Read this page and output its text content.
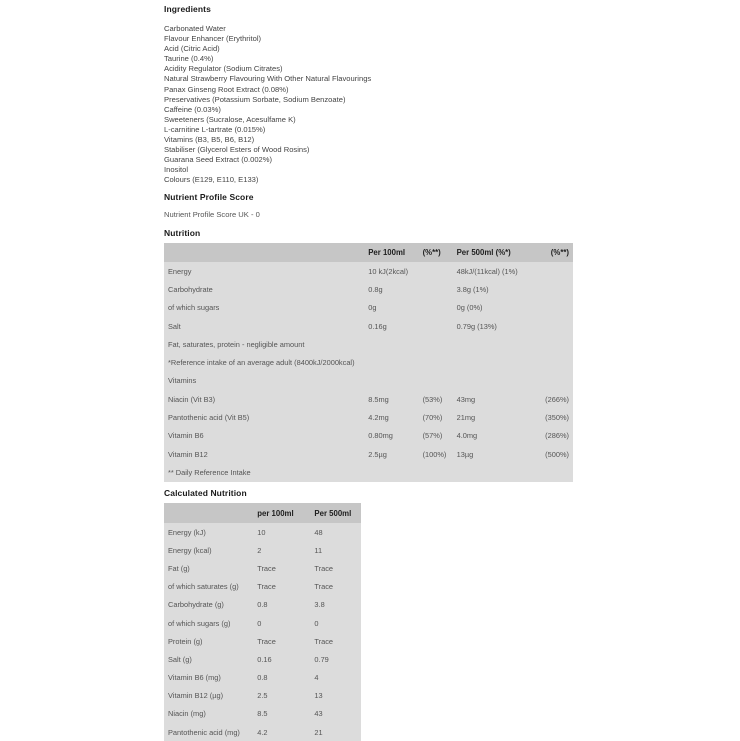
Ingredients
Carbonated Water
Flavour Enhancer (Erythritol)
Acid (Citric Acid)
Taurine (0.4%)
Acidity Regulator (Sodium Citrates)
Natural Strawberry Flavouring With Other Natural Flavourings
Panax Ginseng Root Extract (0.08%)
Preservatives (Potassium Sorbate, Sodium Benzoate)
Caffeine (0.03%)
Sweeteners (Sucralose, Acesulfame K)
L-carnitine L-tartrate (0.015%)
Vitamins (B3, B5, B6, B12)
Stabiliser (Glycerol Esters of Wood Rosins)
Guarana Seed Extract (0.002%)
Inositol
Colours (E129, E110, E133)
Nutrient Profile Score
Nutrient Profile Score UK - 0
Nutrition
	Per 100ml	(%**)	Per 500ml (%*)	(%**)
Energy	10 kJ(2kcal)		48kJ/(11kcal) (1%)	
Carbohydrate	0.8g		3.8g (1%)	
of which sugars	0g		0g (0%)	
Salt	0.16g		0.79g (13%)	
Fat, saturates, protein - negligible amount				
*Reference intake of an average adult (8400kJ/2000kcal)				
Vitamins				
Niacin (Vit B3)	8.5mg	(53%)	43mg	(266%)
Pantothenic acid (Vit B5)	4.2mg	(70%)	21mg	(350%)
Vitamin B6	0.80mg	(57%)	4.0mg	(286%)
Vitamin B12	2.5µg	(100%)	13µg	(500%)
** Daily Reference Intake				
Calculated Nutrition
	per 100ml	Per 500ml
Energy (kJ)	10	48
Energy (kcal)	2	11
Fat (g)	Trace	Trace
of which saturates (g)	Trace	Trace
Carbohydrate (g)	0.8	3.8
of which sugars (g)	0	0
Protein (g)	Trace	Trace
Salt (g)	0.16	0.79
Vitamin B6 (mg)	0.8	4
Vitamin B12 (µg)	2.5	13
Niacin (mg)	8.5	43
Pantothenic acid (mg)	4.2	21
